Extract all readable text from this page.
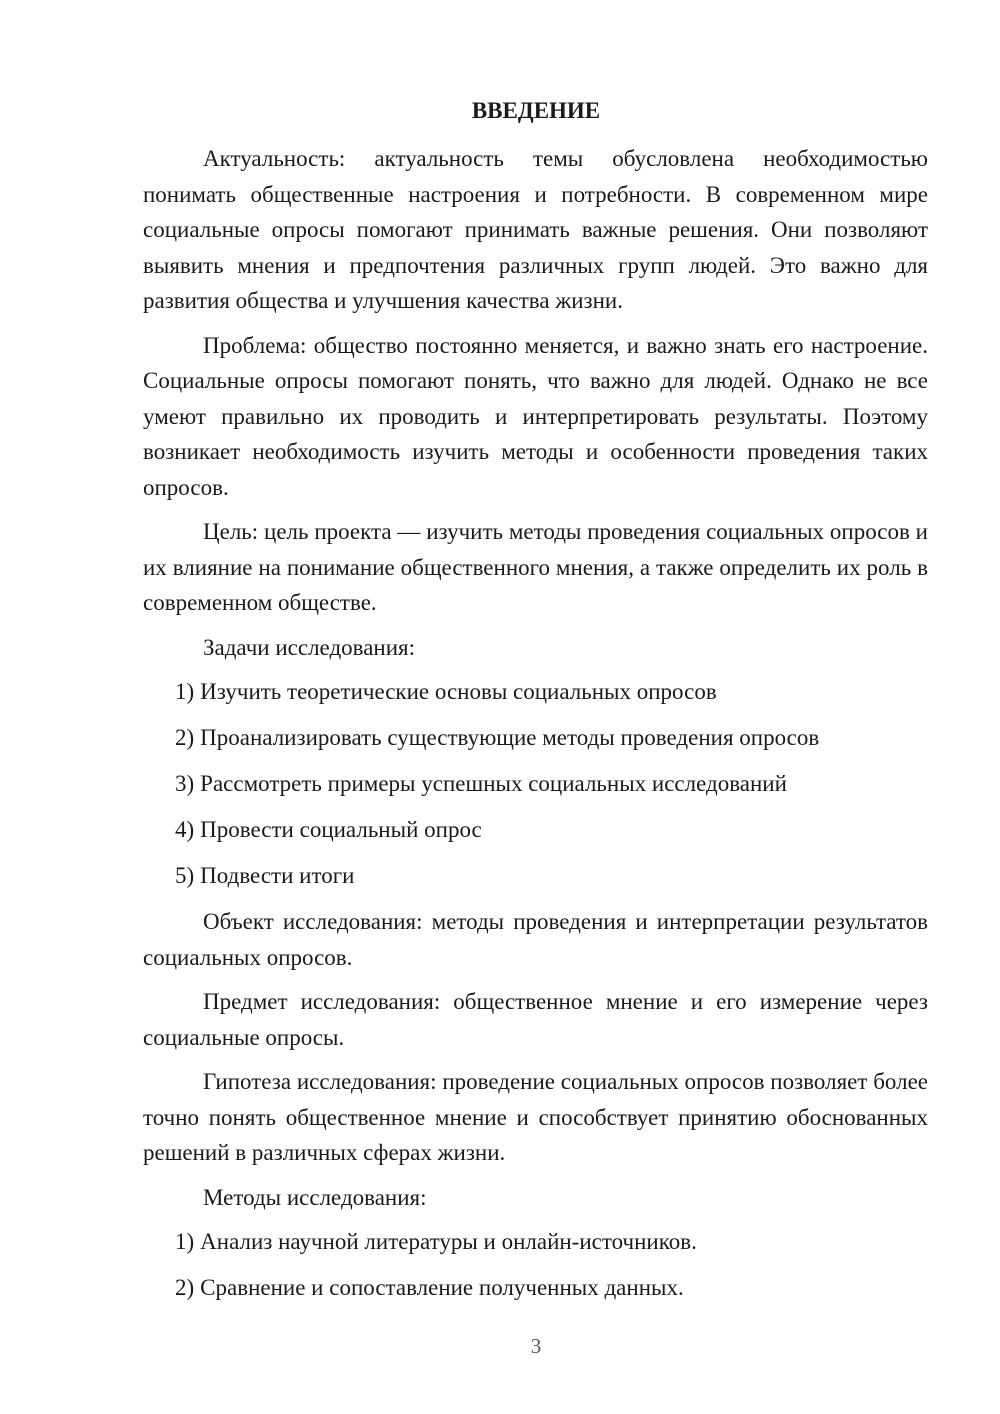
ВВЕДЕНИЕ

Актуальность: актуальность темы обусловлена необходимостью понимать общественные настроения и потребности. В современном мире социальные опросы помогают принимать важные решения. Они позволяют выявить мнения и предпочтения различных групп людей. Это важно для развития общества и улучшения качества жизни.

Проблема: общество постоянно меняется, и важно знать его настроение. Социальные опросы помогают понять, что важно для людей. Однако не все умеют правильно их проводить и интерпретировать результаты. Поэтому возникает необходимость изучить методы и особенности проведения таких опросов.

Цель: цель проекта — изучить методы проведения социальных опросов и их влияние на понимание общественного мнения, а также определить их роль в современном обществе.

Задачи исследования:

1) Изучить теоретические основы социальных опросов
2) Проанализировать существующие методы проведения опросов
3) Рассмотреть примеры успешных социальных исследований
4) Провести социальный опрос
5) Подвести итоги

Объект исследования: методы проведения и интерпретации результатов социальных опросов.

Предмет исследования: общественное мнение и его измерение через социальные опросы.

Гипотеза исследования: проведение социальных опросов позволяет более точно понять общественное мнение и способствует принятию обоснованных решений в различных сферах жизни.

Методы исследования:

1) Анализ научной литературы и онлайн-источников.
2) Сравнение и сопоставление полученных данных.
3
